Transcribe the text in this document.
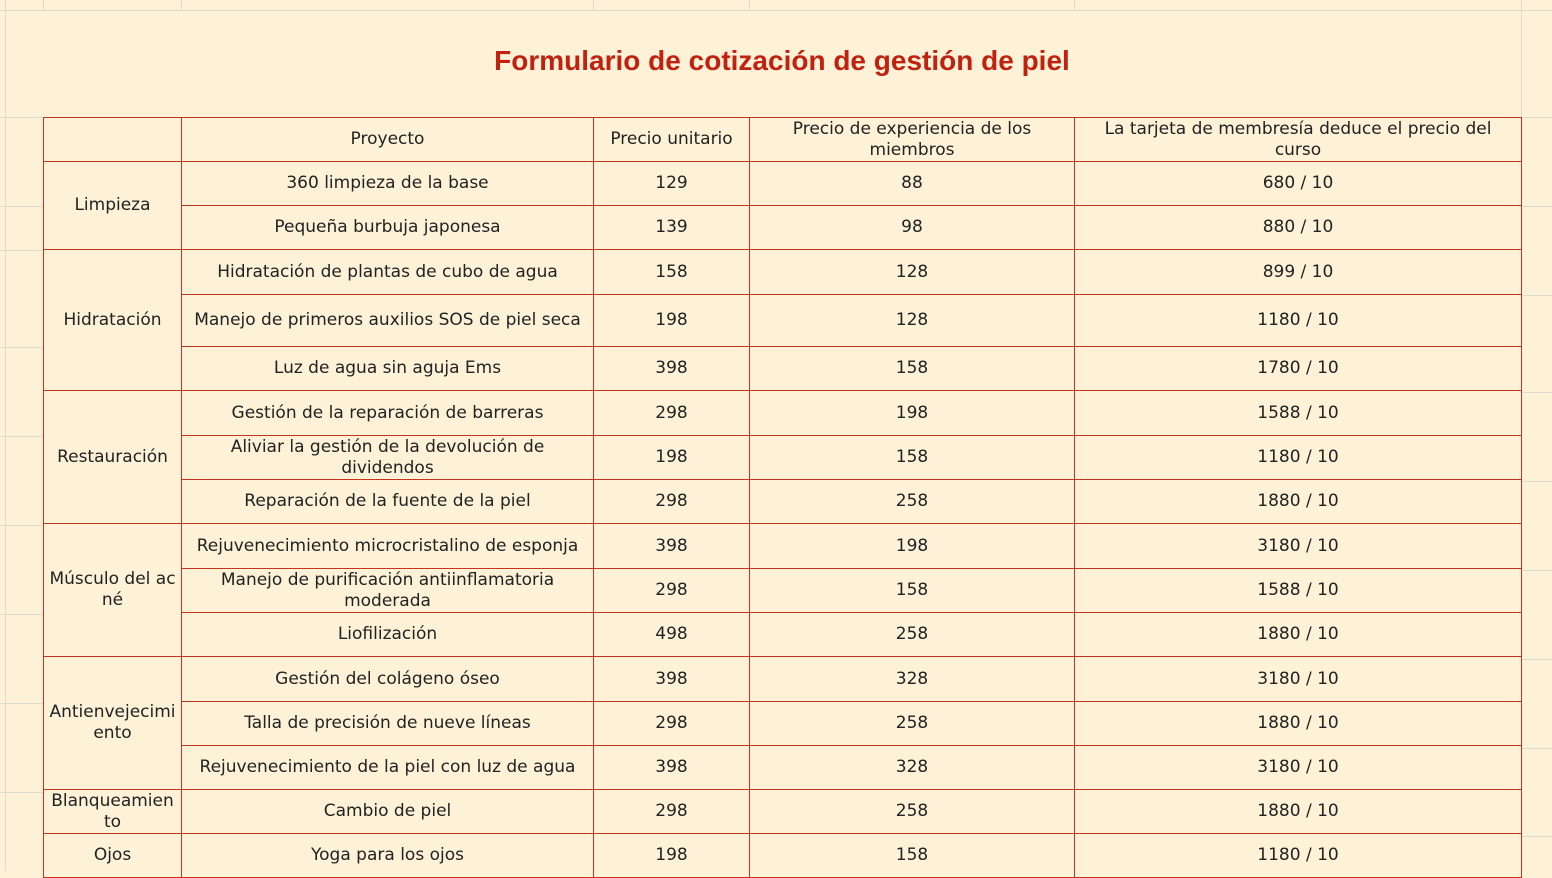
Formulario de cotización de gestión de piel
	Proyecto	Precio unitario	Precio de experiencia de los miembros	La tarjeta de membresía deduce el precio del curso
Limpieza	360 limpieza de la base	129	88	680 / 10
	Pequeña burbuja japonesa	139	98	880 / 10
Hidratación	Hidratación de plantas de cubo de agua	158	128	899 / 10
	Manejo de primeros auxilios SOS de piel seca	198	128	1180 / 10
	Luz de agua sin aguja Ems	398	158	1780 / 10
Restauración	Gestión de la reparación de barreras	298	198	1588 / 10
	Aliviar la gestión de la devolución de dividendos	198	158	1180 / 10
	Reparación de la fuente de la piel	298	258	1880 / 10
Músculo del acné	Rejuvenecimiento microcristalino de esponja	398	198	3180 / 10
	Manejo de purificación antiinflamatoria moderada	298	158	1588 / 10
	Liofilización	498	258	1880 / 10
Antienvejecimiento	Gestión del colágeno óseo	398	328	3180 / 10
	Talla de precisión de nueve líneas	298	258	1880 / 10
	Rejuvenecimiento de la piel con luz de agua	398	328	3180 / 10
Blanqueamiento	Cambio de piel	298	258	1880 / 10
Ojos	Yoga para los ojos	198	158	1180 / 10
